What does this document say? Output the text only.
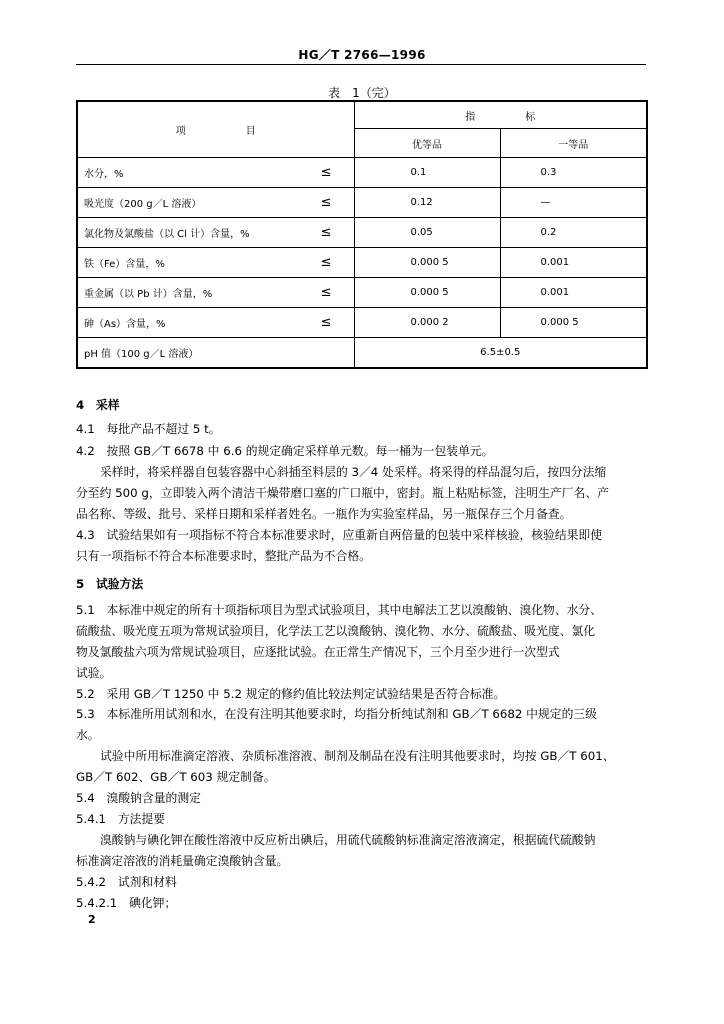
HG／T 2766—1996
表　1（完）
项　　　　　　目		指　　　　　标	
		优等品	一等品
水分，%	≤	0.1	0.3
吸光度（200 g／L 溶液）	≤	0.12	—
氯化物及氯酸盐（以 Cl 计）含量，%	≤	0.05	0.2
铁（Fe）含量，%	≤	0.000 5	0.001
重金属（以 Pb 计）含量，%	≤	0.000 5	0.001
砷（As）含量，%	≤	0.000 2	0.000 5
pH 值（100 g／L 溶液）		6.5±0.5	
4　采样
4.1　每批产品不超过 5 t。
4.2　按照 GB／T 6678 中 6.6 的规定确定采样单元数。每一桶为一包装单元。
采样时，将采样器自包装容器中心斜插至料层的 3／4 处采样。将采得的样品混匀后，按四分法缩
分至约 500 g，立即装入两个清洁干燥带磨口塞的广口瓶中，密封。瓶上粘贴标签，注明生产厂名、产
品名称、等级、批号、采样日期和采样者姓名。一瓶作为实验室样品，另一瓶保存三个月备查。
4.3　试验结果如有一项指标不符合本标准要求时，应重新自两倍量的包装中采样核验，核验结果即使
只有一项指标不符合本标准要求时，整批产品为不合格。
5　试验方法
5.1　本标准中规定的所有十项指标项目为型式试验项目，其中电解法工艺以溴酸钠、溴化物、水分、
硫酸盐、吸光度五项为常规试验项目，化学法工艺以溴酸钠、溴化物、水分、硫酸盐、吸光度、氯化
物及氯酸盐六项为常规试验项目，应逐批试验。在正常生产情况下，三个月至少进行一次型式
试验。
5.2　采用 GB／T 1250 中 5.2 规定的修约值比较法判定试验结果是否符合标准。
5.3　本标准所用试剂和水，在没有注明其他要求时，均指分析纯试剂和 GB／T 6682 中规定的三级
水。
试验中所用标准滴定溶液、杂质标准溶液、制剂及制品在没有注明其他要求时，均按 GB／T 601、
GB／T 602、GB／T 603 规定制备。
5.4　溴酸钠含量的测定
5.4.1　方法提要
溴酸钠与碘化钾在酸性溶液中反应析出碘后，用硫代硫酸钠标准滴定溶液滴定，根据硫代硫酸钠
标准滴定溶液的消耗量确定溴酸钠含量。
5.4.2　试剂和材料
5.4.2.1　碘化钾；
2
